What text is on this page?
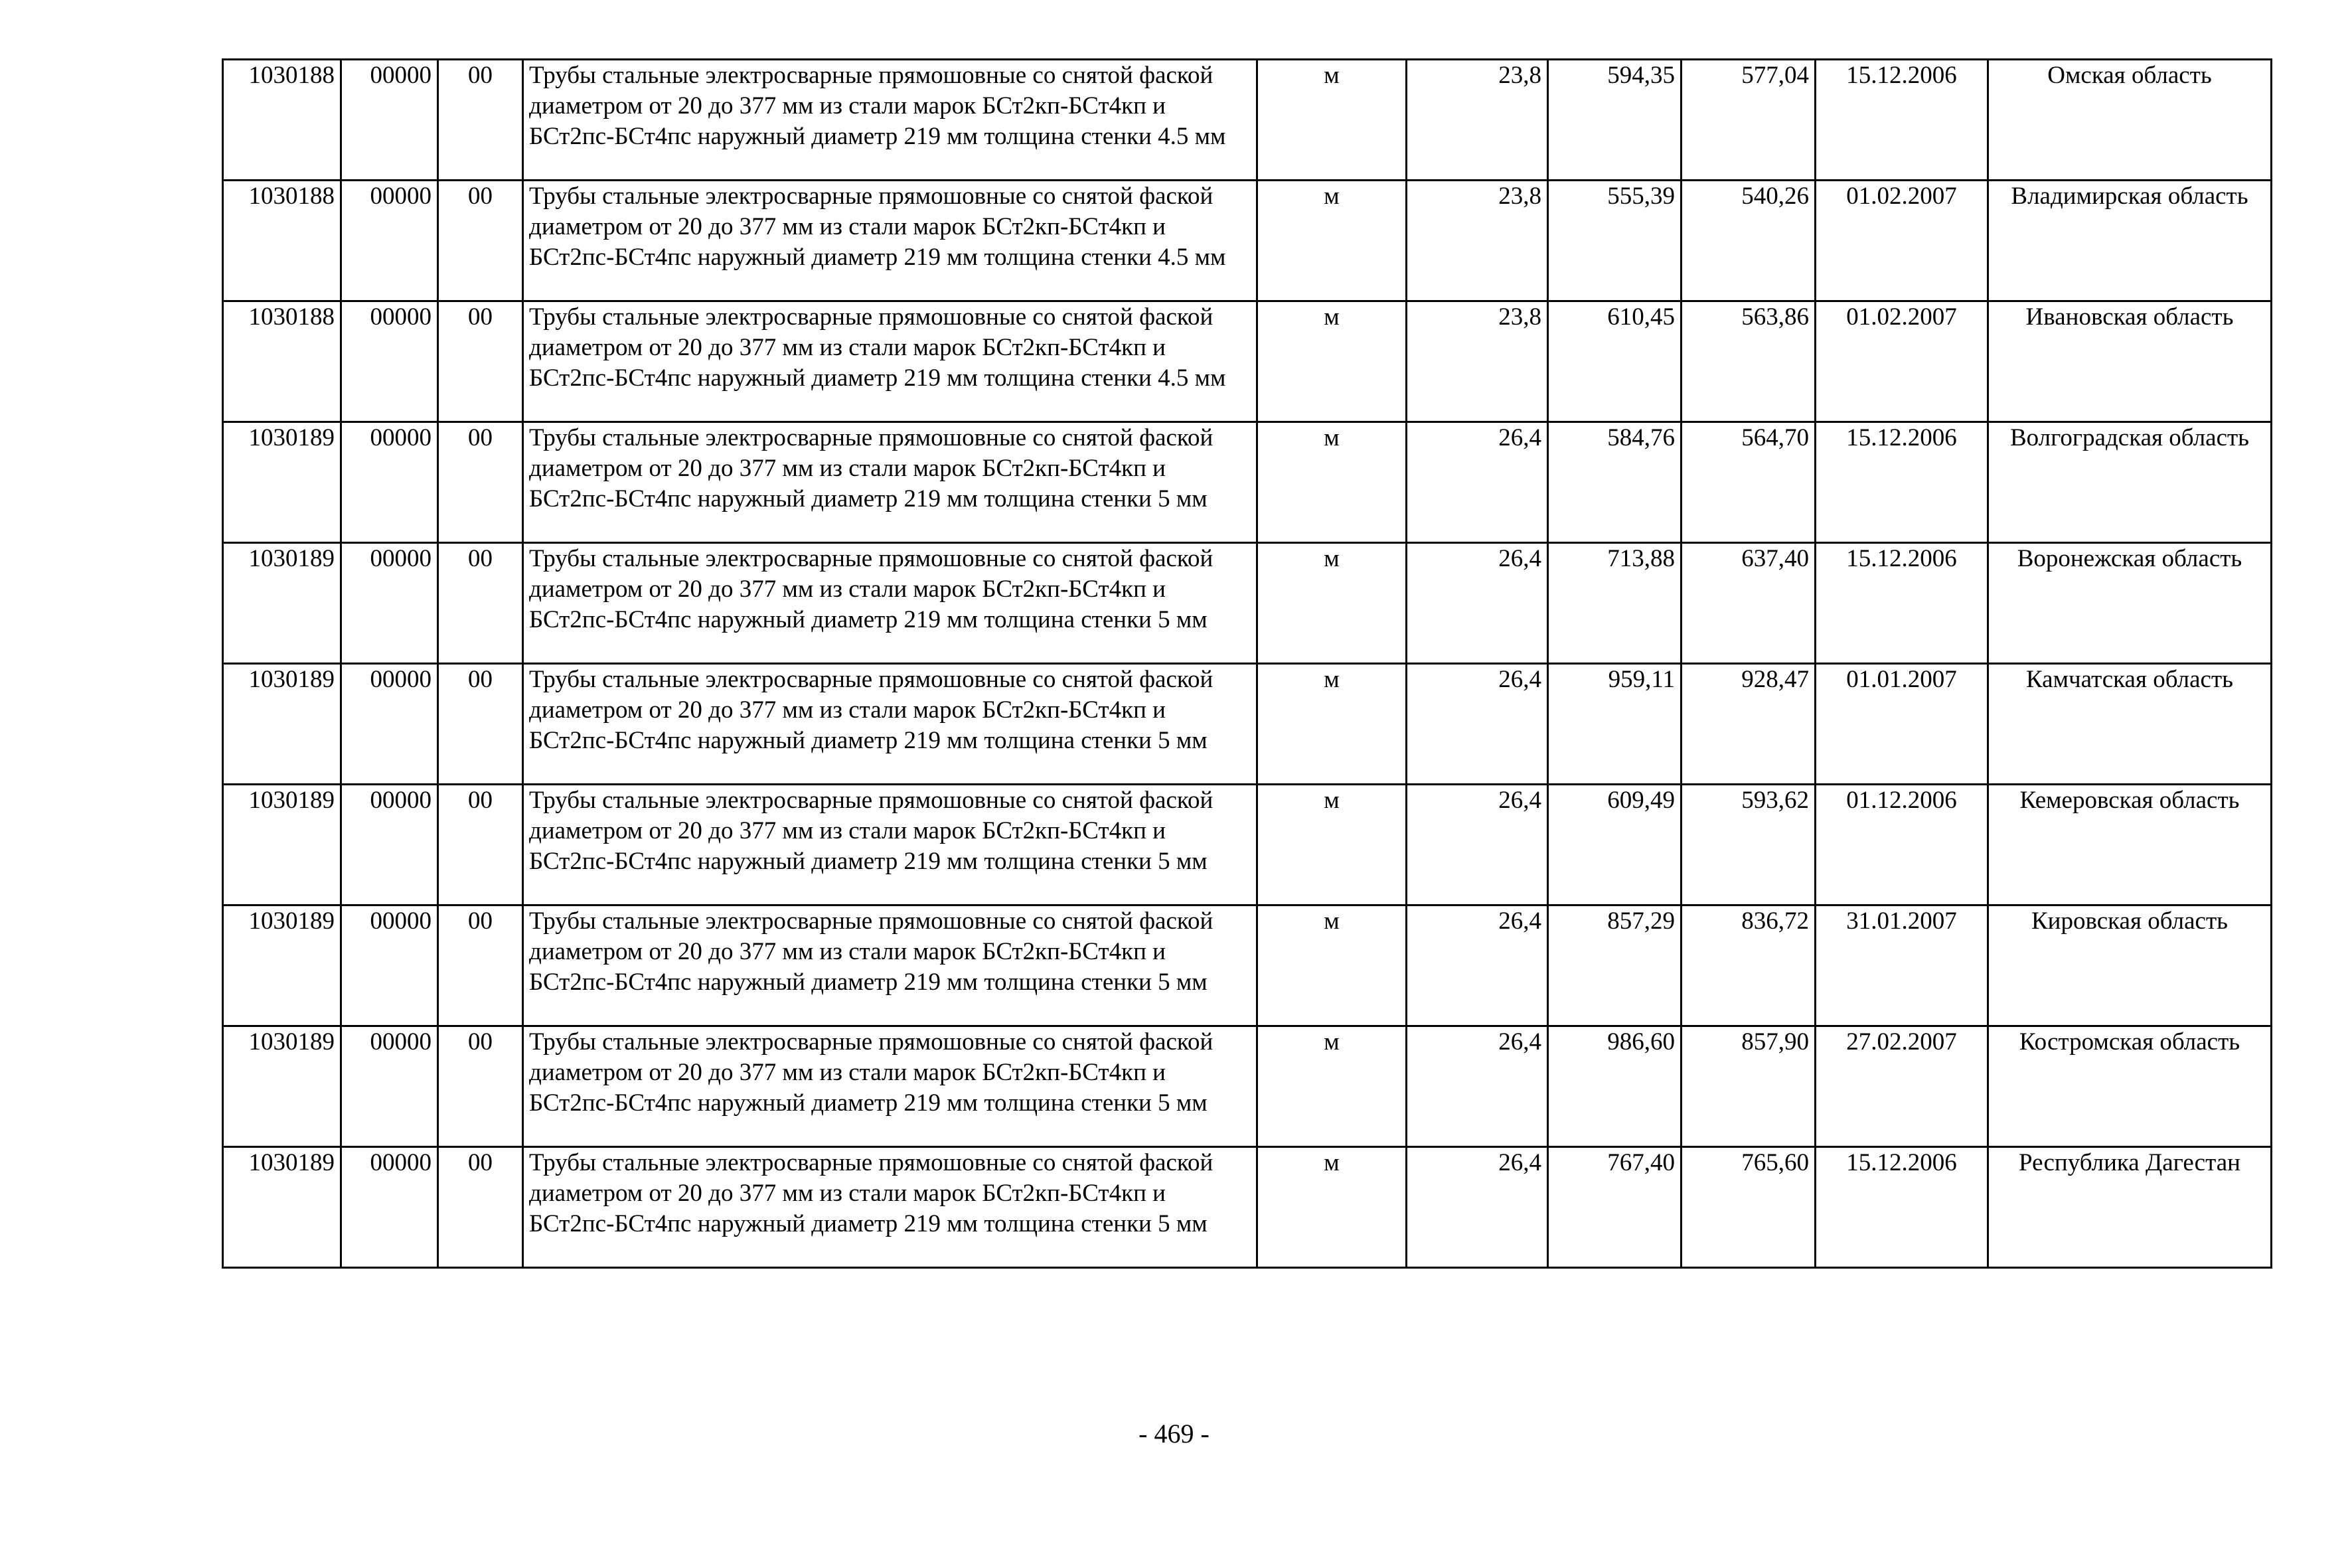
1030188	00000	00	Трубы стальные электросварные прямошовные со снятой фаской диаметром от 20 до 377 мм из стали марок БСт2кп-БСт4кп и БСт2пс-БСт4пс наружный диаметр 219 мм толщина стенки 4.5 мм	м	23,8	594,35	577,04	15.12.2006	Омская область
1030188	00000	00	Трубы стальные электросварные прямошовные со снятой фаской диаметром от 20 до 377 мм из стали марок БСт2кп-БСт4кп и БСт2пс-БСт4пс наружный диаметр 219 мм толщина стенки 4.5 мм	м	23,8	555,39	540,26	01.02.2007	Владимирская область
1030188	00000	00	Трубы стальные электросварные прямошовные со снятой фаской диаметром от 20 до 377 мм из стали марок БСт2кп-БСт4кп и БСт2пс-БСт4пс наружный диаметр 219 мм толщина стенки 4.5 мм	м	23,8	610,45	563,86	01.02.2007	Ивановская область
1030189	00000	00	Трубы стальные электросварные прямошовные со снятой фаской диаметром от 20 до 377 мм из стали марок БСт2кп-БСт4кп и БСт2пс-БСт4пс наружный диаметр 219 мм толщина стенки 5 мм	м	26,4	584,76	564,70	15.12.2006	Волгоградская область
1030189	00000	00	Трубы стальные электросварные прямошовные со снятой фаской диаметром от 20 до 377 мм из стали марок БСт2кп-БСт4кп и БСт2пс-БСт4пс наружный диаметр 219 мм толщина стенки 5 мм	м	26,4	713,88	637,40	15.12.2006	Воронежская область
1030189	00000	00	Трубы стальные электросварные прямошовные со снятой фаской диаметром от 20 до 377 мм из стали марок БСт2кп-БСт4кп и БСт2пс-БСт4пс наружный диаметр 219 мм толщина стенки 5 мм	м	26,4	959,11	928,47	01.01.2007	Камчатская область
1030189	00000	00	Трубы стальные электросварные прямошовные со снятой фаской диаметром от 20 до 377 мм из стали марок БСт2кп-БСт4кп и БСт2пс-БСт4пс наружный диаметр 219 мм толщина стенки 5 мм	м	26,4	609,49	593,62	01.12.2006	Кемеровская область
1030189	00000	00	Трубы стальные электросварные прямошовные со снятой фаской диаметром от 20 до 377 мм из стали марок БСт2кп-БСт4кп и БСт2пс-БСт4пс наружный диаметр 219 мм толщина стенки 5 мм	м	26,4	857,29	836,72	31.01.2007	Кировская область
1030189	00000	00	Трубы стальные электросварные прямошовные со снятой фаской диаметром от 20 до 377 мм из стали марок БСт2кп-БСт4кп и БСт2пс-БСт4пс наружный диаметр 219 мм толщина стенки 5 мм	м	26,4	986,60	857,90	27.02.2007	Костромская область
1030189	00000	00	Трубы стальные электросварные прямошовные со снятой фаской диаметром от 20 до 377 мм из стали марок БСт2кп-БСт4кп и БСт2пс-БСт4пс наружный диаметр 219 мм толщина стенки 5 мм	м	26,4	767,40	765,60	15.12.2006	Республика Дагестан
- 469 -
